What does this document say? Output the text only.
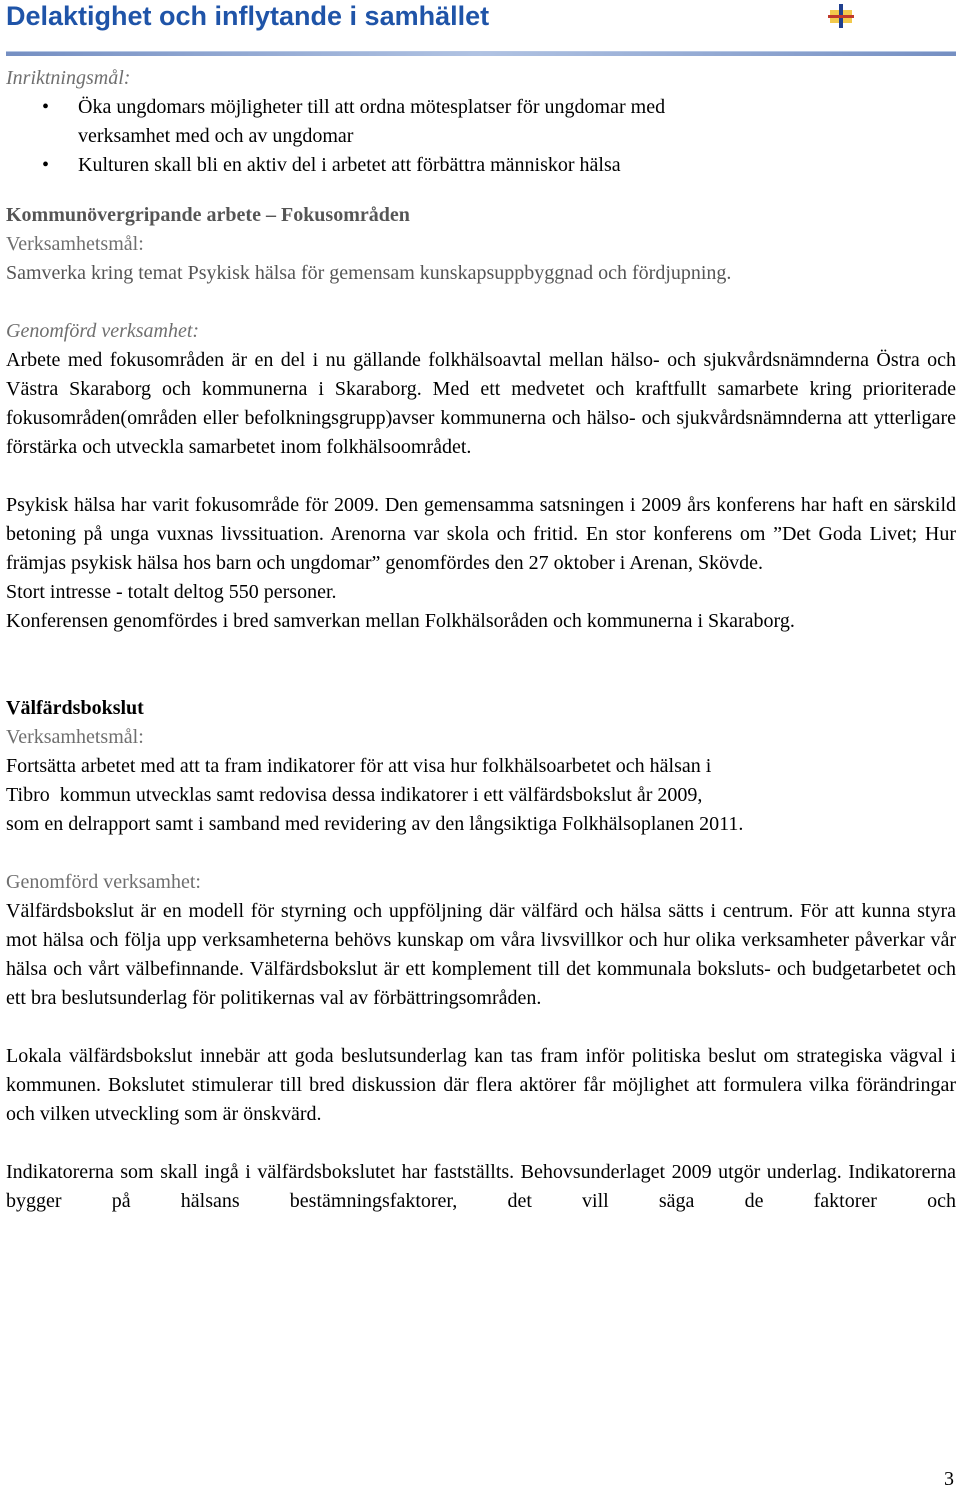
Delaktighet och inflytande i samhället

Inriktningsmål:

• Öka ungdomars möjligheter till att ordna mötesplatser för ungdomar med verksamhet med och av ungdomar
• Kulturen skall bli en aktiv del i arbetet att förbättra människor hälsa

Kommunövergripande arbete – Fokusområden

Verksamhetsmål:

Samverka kring temat Psykisk hälsa för gemensam kunskapsuppbyggnad och fördjupning.

Genomförd verksamhet:

Arbete med fokusområden är en del i nu gällande folkhälsoavtal mellan hälso- och sjukvårdsnämnderna Östra och Västra Skaraborg och kommunerna i Skaraborg. Med ett medvetet och kraftfullt samarbete kring prioriterade fokusområden(områden eller befolkningsgrupp)avser kommunerna och hälso- och sjukvårdsnämnderna att ytterligare förstärka och utveckla samarbetet inom folkhälsoområdet.

Psykisk hälsa har varit fokusområde för 2009. Den gemensamma satsningen i 2009 års konferens har haft en särskild betoning på unga vuxnas livssituation. Arenorna var skola och fritid. En stor konferens om ”Det Goda Livet; Hur främjas psykisk hälsa hos barn och ungdomar” genomfördes den 27 oktober i Arenan, Skövde.

Stort intresse - totalt deltog 550 personer.

Konferensen genomfördes i bred samverkan mellan Folkhälsoråden och kommunerna i Skaraborg.

Välfärdsbokslut

Verksamhetsmål:

Fortsätta arbetet med att ta fram indikatorer för att visa hur folkhälsoarbetet och hälsan i

Tibro  kommun utvecklas samt redovisa dessa indikatorer i ett välfärdsbokslut år 2009,

som en delrapport samt i samband med revidering av den långsiktiga Folkhälsoplanen 2011.

Genomförd verksamhet:

Välfärdsbokslut är en modell för styrning och uppföljning där välfärd och hälsa sätts i centrum. För att kunna styra mot hälsa och följa upp verksamheterna behövs kunskap om våra livsvillkor och hur olika verksamheter påverkar vår hälsa och vårt välbefinnande. Välfärdsbokslut är ett komplement till det kommunala boksluts- och budgetarbetet och ett bra beslutsunderlag för politikernas val av förbättringsområden.

Lokala välfärdsbokslut innebär att goda beslutsunderlag kan tas fram inför politiska beslut om strategiska vägval i kommunen. Bokslutet stimulerar till bred diskussion där flera aktörer får möjlighet att formulera vilka förändringar och vilken utveckling som är önskvärd.

Indikatorerna som skall ingå i välfärdsbokslutet har fastställts. Behovsunderlaget 2009 utgör underlag. Indikatorerna bygger på hälsans bestämningsfaktorer, det vill säga de faktorer och

3
